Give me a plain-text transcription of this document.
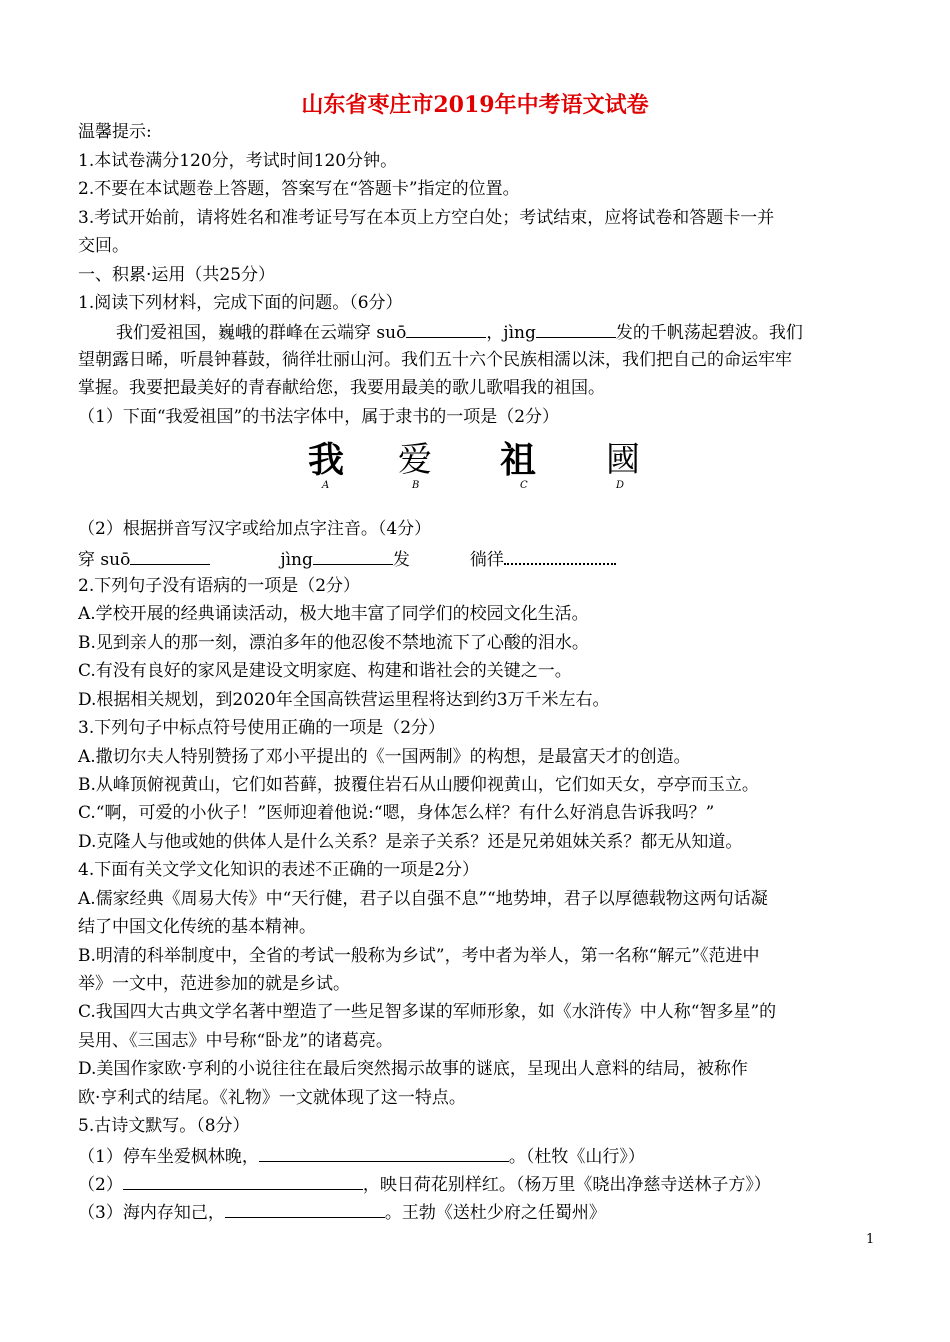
山东省枣庄市2019年中考语文试卷
温馨提示:
1.本试卷满分120分，考试时间120分钟。
2.不要在本试题卷上答题，答案写在“答题卡”指定的位置。
3.考试开始前，请将姓名和准考证号写在本页上方空白处；考试结束，应将试卷和答题卡一并
交回。
一、积累·运用（共25分）
1.阅读下列材料，完成下面的问题。（6分）
我们爱祖国，巍峨的群峰在云端穿 suō	，jìng	发的千帆荡起碧波。我们
望朝露日晞，听晨钟暮鼓，徜徉壮丽山河。我们五十六个民族相濡以沫，我们把自己的命运牢牢
掌握。我要把最美好的青春献给您，我要用最美的歌儿歌唱我的祖国。
（1）下面“我爱祖国”的书法字体中，属于隶书的一项是（2分）
我
A
爱
B
祖
C
國
D
（2）根据拼音写汉字或给加点字注音。（4分）
穿 suō	jìng	发	徜徉
2.下列句子没有语病的一项是（2分）
A.学校开展的经典诵读活动，极大地丰富了同学们的校园文化生活。
B.见到亲人的那一刻，漂泊多年的他忍俊不禁地流下了心酸的泪水。
C.有没有良好的家风是建设文明家庭、构建和谐社会的关键之一。
D.根据相关规划，到2020年全国高铁营运里程将达到约3万千米左右。
3.下列句子中标点符号使用正确的一项是（2分）
A.撒切尔夫人特别赞扬了邓小平提出的《一国两制》的构想，是最富天才的创造。
B.从峰顶俯视黄山，它们如苔藓，披覆住岩石从山腰仰视黄山，它们如天女，亭亭而玉立。
C.“啊，可爱的小伙子！”医师迎着他说:“嗯，身体怎么样？有什么好消息告诉我吗？”
D.克隆人与他或她的供体人是什么关系？是亲子关系？还是兄弟姐妹关系？都无从知道。
4.下面有关文学文化知识的表述不正确的一项是2分）
A.儒家经典《周易大传》中“天行健，君子以自强不息”“地势坤，君子以厚德载物这两句话凝
结了中国文化传统的基本精神。
B.明清的科举制度中，全省的考试一般称为乡试”，考中者为举人，第一名称“解元”《范进中
举》一文中，范进参加的就是乡试。
C.我国四大古典文学名著中塑造了一些足智多谋的军师形象，如《水浒传》中人称“智多星”的
吴用、《三国志》中号称“卧龙”的诸葛亮。
D.美国作家欧·亨利的小说往往在最后突然揭示故事的谜底，呈现出人意料的结局，被称作
欧·亨利式的结尾。《礼物》一文就体现了这一特点。
5.古诗文默写。（8分）
（1）停车坐爱枫林晚，	。（杜牧《山行》）
（2）	，映日荷花别样红。（杨万里《晓出净慈寺送林子方》）
（3）海内存知己，	。王勃《送杜少府之任蜀州》
1
